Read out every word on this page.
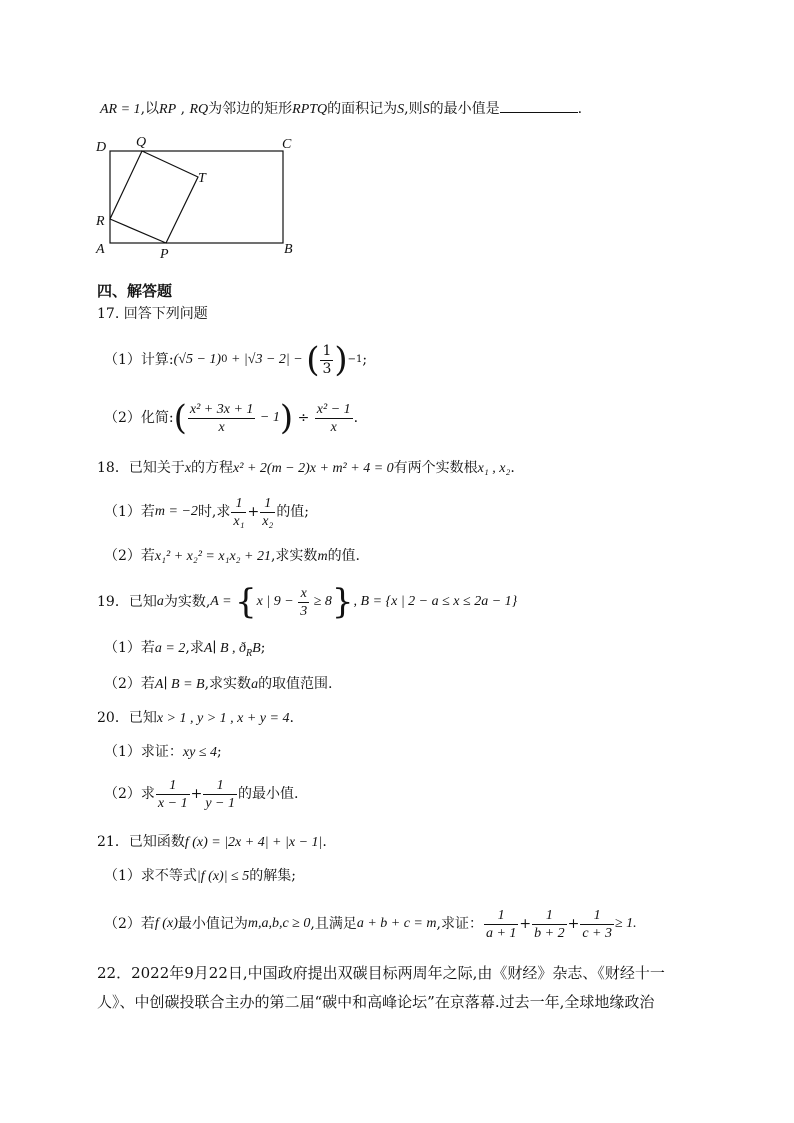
AR = 1,以RP , RQ为邻边的矩形RPTQ的面积记为S,则S的最小值是	.
D Q	C
T
R
A	P	B
四、解答题
17. 回答下列问题
（1）计算: (√5 − 1) 0 + |√3 − 2| − ( $\frac{1}{3}$ ) −1 ;
（2）化简: ( $\frac{\text{x² + 3x + 1}}{x} - 1$ ) ÷ $\frac{\text{x² − 1}}{x}$ .
18．已知关于x的方程x² + 2(m − 2)x + m² + 4 = 0有两个实数根x₁ , x₂.
（1）若 m = −2 时,求 $\frac{1}{\text{x₁}} + \frac{1}{\text{x₂}}$ 的值;
（2）若x₁² + x₂² = x₁x₂ + 21,求实数m的值.
19．已知 a 为实数, A = { x | $9 - \frac{x}{3} \ge 8$ } , B = {x | 2 − a ≤ x ≤ 2a − 1}
（1）若a = 2,求A∣ B , $ð_RB$;
（2）若A∣ B = B,求实数a的取值范围.
20．已知x > 1 , y > 1 , x + y = 4.
（1）求证：xy ≤ 4;
（2）求 $\frac{1}{x - 1} + \frac{1}{y - 1}$ 的最小值.
21．已知函数f (x) = |2x + 4| + |x − 1|.
（1）求不等式|f (x)| ≤ 5的解集;
（2）若 f (x) 最小值记为 m,a,b,c ≥ 0 ,且满足 a + b + c = m ,求证： $\frac{1}{a + 1} + \frac{1}{b + 2} + \frac{1}{c + 3} \ge 1$.
22．2022年9月22日,中国政府提出双碳目标两周年之际,由《财经》杂志、《财经十一
人》、中创碳投联合主办的第二届“碳中和高峰论坛”在京落幕.过去一年,全球地缘政治
